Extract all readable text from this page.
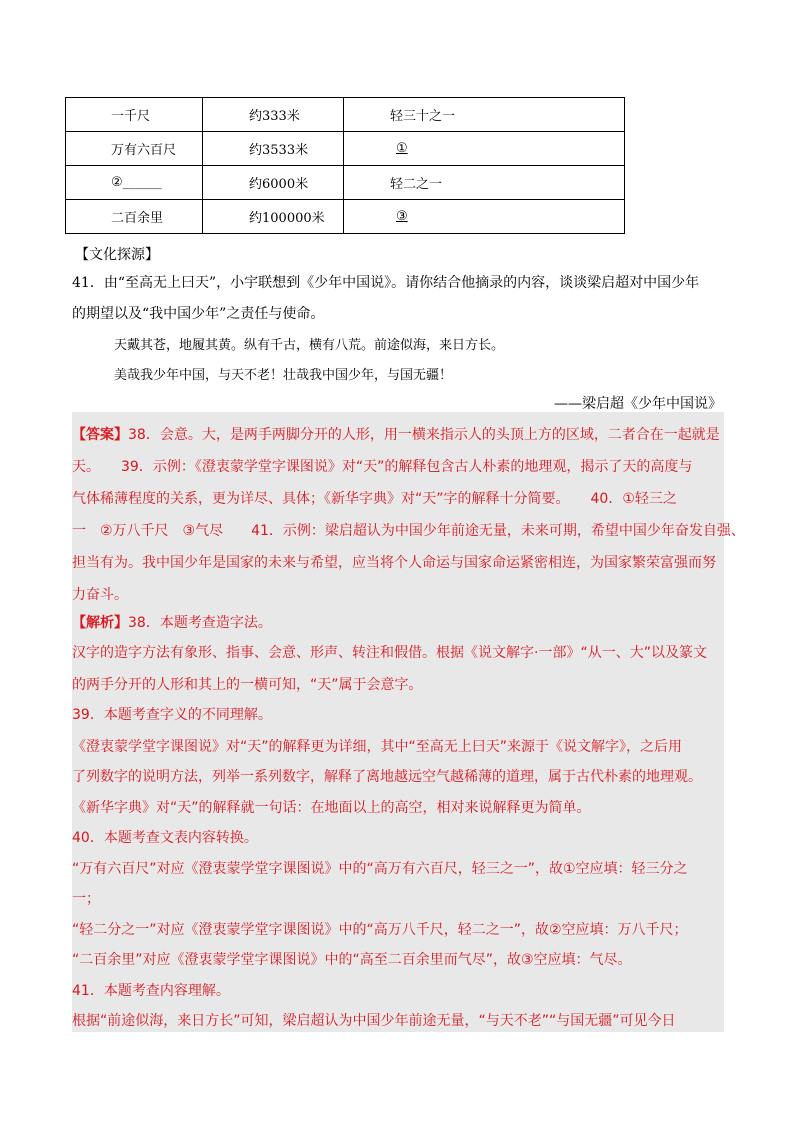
一千尺	约333米	轻三十之一
万有六百尺	约3533米	①
②______	约6000米	轻二之一
二百余里	约100000米	③
【文化探源】
41．由“至高无上曰天”，小宇联想到《少年中国说》。请你结合他摘录的内容，谈谈梁启超对中国少年
的期望以及“我中国少年”之责任与使命。
天戴其苍，地履其黄。纵有千古，横有八荒。前途似海，来日方长。
美哉我少年中国，与天不老！壮哉我中国少年，与国无疆！
——梁启超《少年中国说》
【答案】38．会意。大，是两手两脚分开的人形，用一横来指示人的头顶上方的区域，二者合在一起就是
天。　　39．示例：《澄衷蒙学堂字课图说》对“天”的解释包含古人朴素的地理观，揭示了天的高度与
气体稀薄程度的关系，更为详尽、具体；《新华字典》对“天”字的解释十分简要。　　40．①轻三之
一　②万八千尺　③气尽　　41．示例：梁启超认为中国少年前途无量，未来可期，希望中国少年奋发自强、
担当有为。我中国少年是国家的未来与希望，应当将个人命运与国家命运紧密相连，为国家繁荣富强而努
力奋斗。
【解析】38．本题考查造字法。
汉字的造字方法有象形、指事、会意、形声、转注和假借。根据《说文解字·一部》“从一、大”以及篆文
的两手分开的人形和其上的一横可知，“天”属于会意字。
39．本题考查字义的不同理解。
《澄衷蒙学堂字课图说》对“天”的解释更为详细，其中“至高无上曰天”来源于《说文解字》，之后用
了列数字的说明方法，列举一系列数字，解释了离地越远空气越稀薄的道理，属于古代朴素的地理观。
《新华字典》对“天”的解释就一句话：在地面以上的高空，相对来说解释更为简单。
40．本题考查文表内容转换。
“万有六百尺”对应《澄衷蒙学堂字课图说》中的“高万有六百尺，轻三之一”，故①空应填：轻三分之
一；
“轻二分之一”对应《澄衷蒙学堂字课图说》中的“高万八千尺，轻二之一”，故②空应填：万八千尺；
“二百余里”对应《澄衷蒙学堂字课图说》中的“高至二百余里而气尽”，故③空应填：气尽。
41．本题考查内容理解。
根据“前途似海，来日方长”可知，梁启超认为中国少年前途无量，“与天不老”“与国无疆”可见今日
